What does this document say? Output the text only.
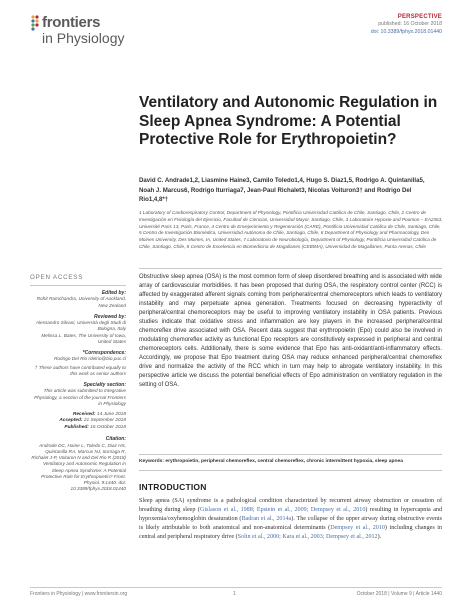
frontiers
in Physiology
PERSPECTIVE
published: 16 October 2018
doi: 10.3389/fphys.2018.01440
Ventilatory and Autonomic Regulation in Sleep Apnea Syndrome: A Potential Protective Role for Erythropoietin?

David C. Andrade1,2, Liasmine Haine3, Camilo Toledo1,4, Hugo S. Diaz1,5, Rodrigo A. Quintanilla5, Noah J. Marcus6, Rodrigo Iturriaga7, Jean-Paul Richalet3, Nicolas Voituron3† and Rodrigo Del Rio1,4,8*†

1 Laboratory of Cardiorespiratory Control, Department of Physiology, Pontificia Universidad Católica de Chile, Santiago, Chile, 2 Centro de Investigación en Fisiología del Ejercicio, Facultad de Ciencias, Universidad Mayor, Santiago, Chile, 3 Laboratoire Hypoxie and Poumon – EA2363, Université Paris 13, Paris, France, 4 Centro de Envejecimiento y Regeneración (CARE), Pontificia Universidad Católica de Chile, Santiago, Chile, 5 Centro de Investigación Biomédica, Universidad Autónoma de Chile, Santiago, Chile, 6 Department of Physiology and Pharmacology, Des Moines University, Des Moines, IA, United States, 7 Laboratorio de Neurobiología, Department of Physiology, Pontificia Universidad Católica de Chile, Santiago, Chile, 8 Centro de Excelencia en Biomedicina de Magallanes (CEBIMA), Universidad de Magallanes, Punta Arenas, Chile

OPEN ACCESS
Edited by:
Rohit Ramchandra, University of Auckland, New Zealand
Reviewed by:
Alessandro Silvani, Università degli Studi di Bologna, Italy
Melissa L. Bates, The University of Iowa, United States
*Correspondence:
Rodrigo Del Rio rdelrio@bio.puc.cl
† These authors have contributed equally to this work as senior authors
Specialty section:
This article was submitted to Integrative Physiology, a section of the journal Frontiers in Physiology
Received: 14 June 2018
Accepted: 21 September 2018
Published: 16 October 2018
Citation:
Andrade DC, Haine L, Toledo C, Diaz HS, Quintanilla RA, Marcus NJ, Iturriaga R, Richalet J-P, Voituron N and Del Rio R (2018) Ventilatory and Autonomic Regulation in Sleep Apnea Syndrome: A Potential Protective Role for Erythropoietin? Front. Physiol. 9:1440. doi: 10.3389/fphys.2018.01440

Obstructive sleep apnea (OSA) is the most common form of sleep disordered breathing and is associated with wide array of cardiovascular morbidities. It has been proposed that during OSA, the respiratory control center (RCC) is affected by exaggerated afferent signals coming from peripheral/central chemoreceptors which leads to ventilatory instability and may perpetuate apnea generation. Treatments focused on decreasing hyperactivity of peripheral/central chemoreceptors may be useful to improving ventilatory instability in OSA patients. Previous studies indicate that oxidative stress and inflammation are key players in the increased peripheral/central chemoreflex drive associated with OSA. Recent data suggest that erythropoietin (Epo) could also be involved in modulating chemoreflex activity as functional Epo receptors are constitutively expressed in peripheral and central chemoreceptors cells. Additionally, there is some evidence that Epo has anti-oxidant/anti-inflammatory effects. Accordingly, we propose that Epo treatment during OSA may reduce enhanced peripheral/central chemoreflex drive and normalize the activity of the RCC which in turn may help to abrogate ventilatory instability. In this perspective article we discuss the potential beneficial effects of Epo administration on ventilatory regulation in the setting of OSA.

Keywords: erythropoietin, peripheral chemoreflex, central chemoreflex, chronic intermittent hypoxia, sleep apnea

INTRODUCTION

Sleep apnea (SA) syndrome is a pathological condition characterized by recurrent airway obstruction or cessation of breathing during sleep (Gislason et al., 1988; Epstein et al., 2009; Dempsey et al., 2010) resulting in hypercapnia and hypoxemia/oxyhemoglobin desaturation (Badran et al., 2014a). The collapse of the upper airway during obstructive events is likely attributable to both anatomical and non-anatomical determinants (Dempsey et al., 2010) including changes in central and peripheral respiratory drive (Solin et al., 2000; Kara et al., 2003; Dempsey et al., 2012).

Frontiers in Physiology | www.frontiersin.org	1	October 2018 | Volume 9 | Article 1440
